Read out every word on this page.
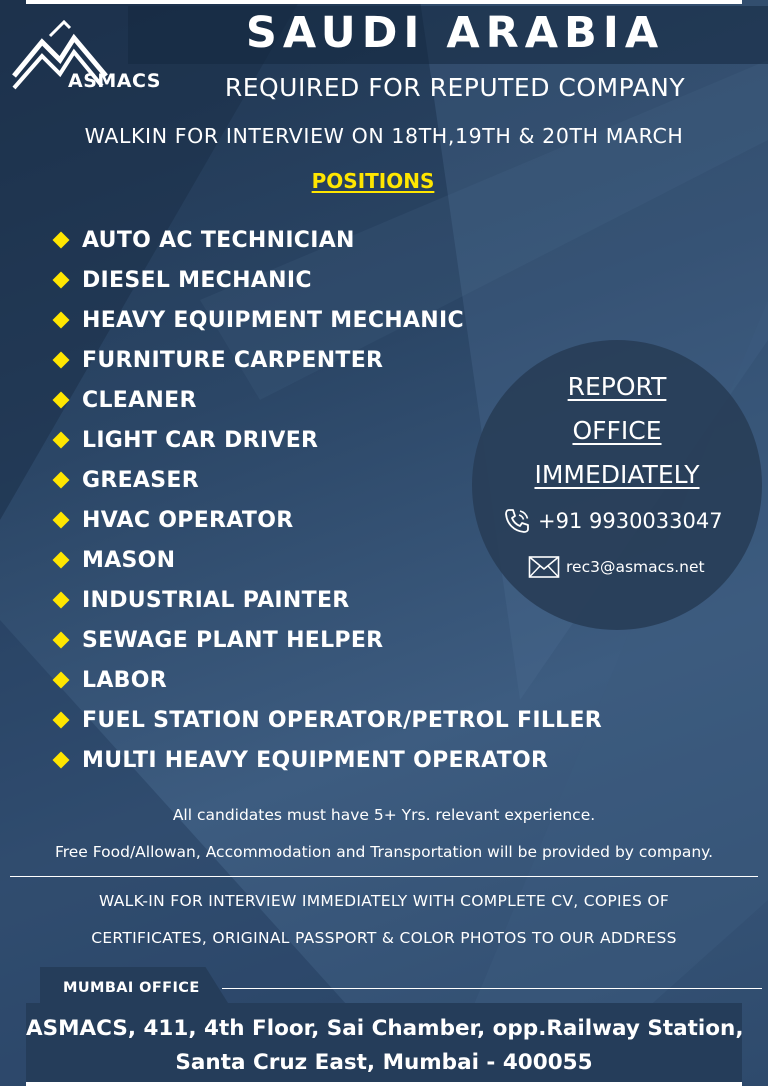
ASMACS
SAUDI ARABIA
REQUIRED FOR REPUTED COMPANY
WALKIN FOR INTERVIEW ON 18TH,19TH & 20TH MARCH
POSITIONS
AUTO AC TECHNICIAN
DIESEL MECHANIC
HEAVY EQUIPMENT MECHANIC
FURNITURE CARPENTER
CLEANER
LIGHT CAR DRIVER
GREASER
HVAC OPERATOR
MASON
INDUSTRIAL PAINTER
SEWAGE PLANT HELPER
LABOR
FUEL STATION OPERATOR/PETROL FILLER
MULTI HEAVY EQUIPMENT OPERATOR
REPORT
OFFICE
IMMEDIATELY
+91 9930033047
rec3@asmacs.net
All candidates must have 5+ Yrs. relevant experience.
Free Food/Allowan, Accommodation and Transportation will be provided by company.
WALK-IN FOR INTERVIEW IMMEDIATELY WITH COMPLETE CV, COPIES OF
CERTIFICATES, ORIGINAL PASSPORT & COLOR PHOTOS TO OUR ADDRESS
MUMBAI OFFICE
ASMACS, 411, 4th Floor, Sai Chamber, opp.Railway Station,
Santa Cruz East, Mumbai - 400055
